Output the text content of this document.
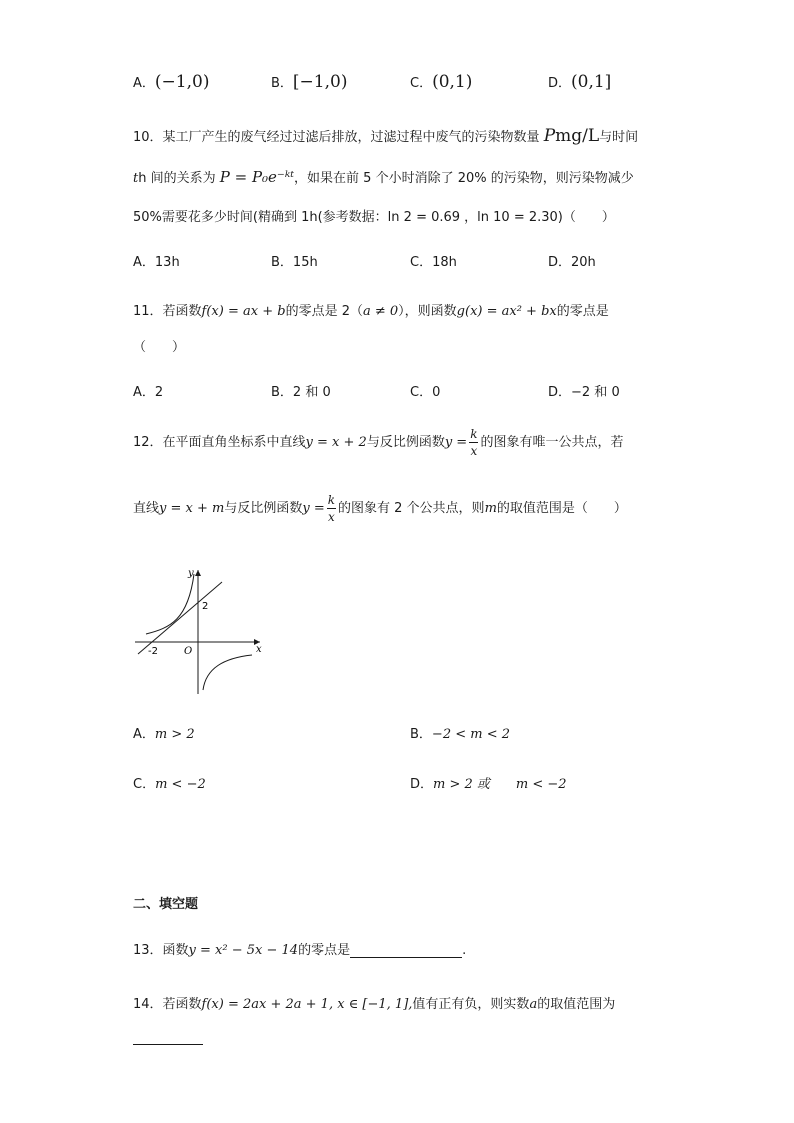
A．(−1,0)	B．[−1,0)	C．(0,1)	D．(0,1]
10．某工厂产生的废气经过过滤后排放，过滤过程中废气的污染物数量 Pmg/L与时间
th 间的关系为 P = P₀e⁻ᵏᵗ，如果在前 5 个小时消除了 20% 的污染物，则污染物减少
50%需要花多少时间(精确到 1h(参考数据：ln 2 = 0.69 ，ln 10 = 2.30)（　　）
A．13h	B．15h	C．18h	D．20h
11．若函数f(x) = ax + b的零点是 2（a ≠ 0），则函数g(x) = ax² + bx的零点是
（　　）
A．2	B．2 和 0	C．0	D．−2 和 0
12．在平面直角坐标系中直线y = x + 2与反比例函数$y = \frac{k}{x}$ 的图象有唯一公共点，若
直线y = x + m与反比例函数$y = \frac{k}{x}$ 的图象有 2 个公共点，则m的取值范围是（　　）
y
x
O
2
-2
A．m > 2	B．−2 < m < 2
C．m < −2	D．m > 2 或　　m < −2
二、填空题
13．函数y = x² − 5x − 14的零点是	.
14．若函数f(x) = 2ax + 2a + 1, x ∈ [−1, 1],值有正有负，则实数a的取值范围为
